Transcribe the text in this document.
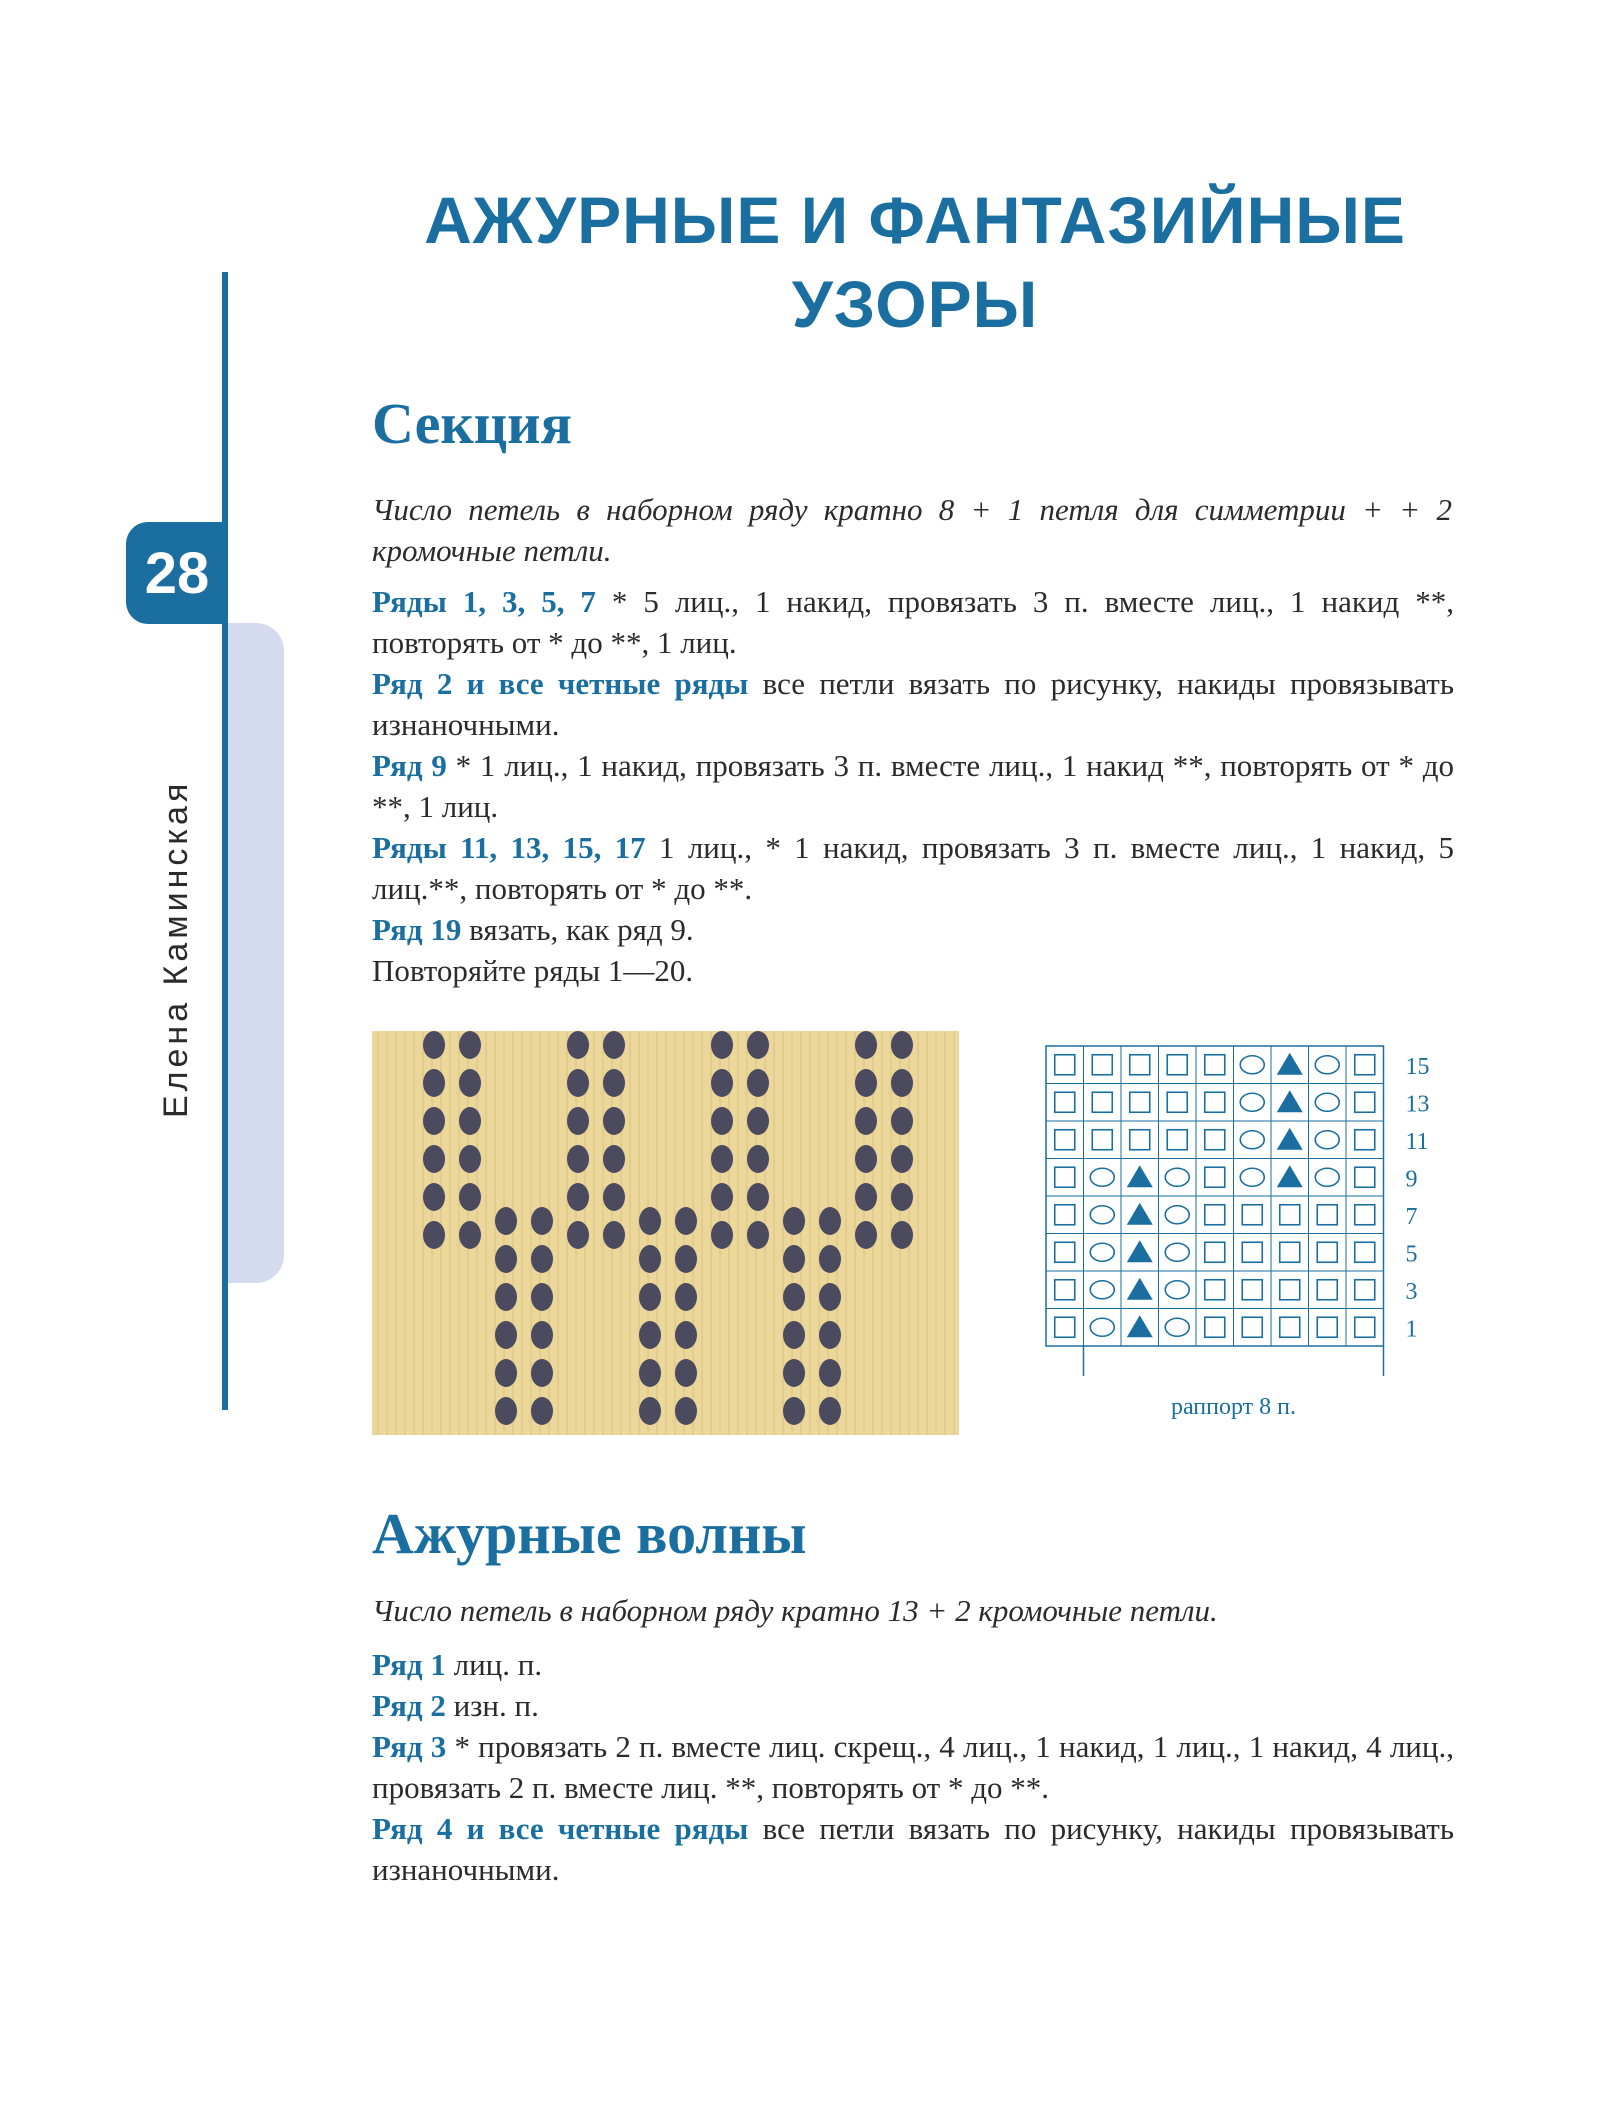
АЖУРНЫЕ И ФАНТАЗИЙНЫЕ
УЗОРЫ
28
Елена Каминская
Секция

Число петель в наборном ряду кратно 8 + 1 петля для симметрии + + 2 кромочные петли.

Ряды 1, 3, 5, 7 * 5 лиц., 1 накид, провязать 3 п. вместе лиц., 1 накид **, повторять от * до **, 1 лиц.

Ряд 2 и все четные ряды все петли вязать по рисунку, накиды провязывать изнаночными.

Ряд 9 * 1 лиц., 1 накид, провязать 3 п. вместе лиц., 1 накид **, повторять от * до **, 1 лиц.

Ряды 11, 13, 15, 17 1 лиц., * 1 накид, провязать 3 п. вместе лиц., 1 накид, 5 лиц.**, повторять от * до **.

Ряд 19 вязать, как ряд 9.

Повторяйте ряды 1—20.

15
13
11
9
7
5
3
1
раппорт 8 п.
Ажурные волны

Число петель в наборном ряду кратно 13 + 2 кромочные петли.

Ряд 1 лиц. п.

Ряд 2 изн. п.

Ряд 3 * провязать 2 п. вместе лиц. скрещ., 4 лиц., 1 накид, 1 лиц., 1 накид, 4 лиц., провязать 2 п. вместе лиц. **, повторять от * до **.

Ряд 4 и все четные ряды все петли вязать по рисунку, накиды провязывать изнаночными.
